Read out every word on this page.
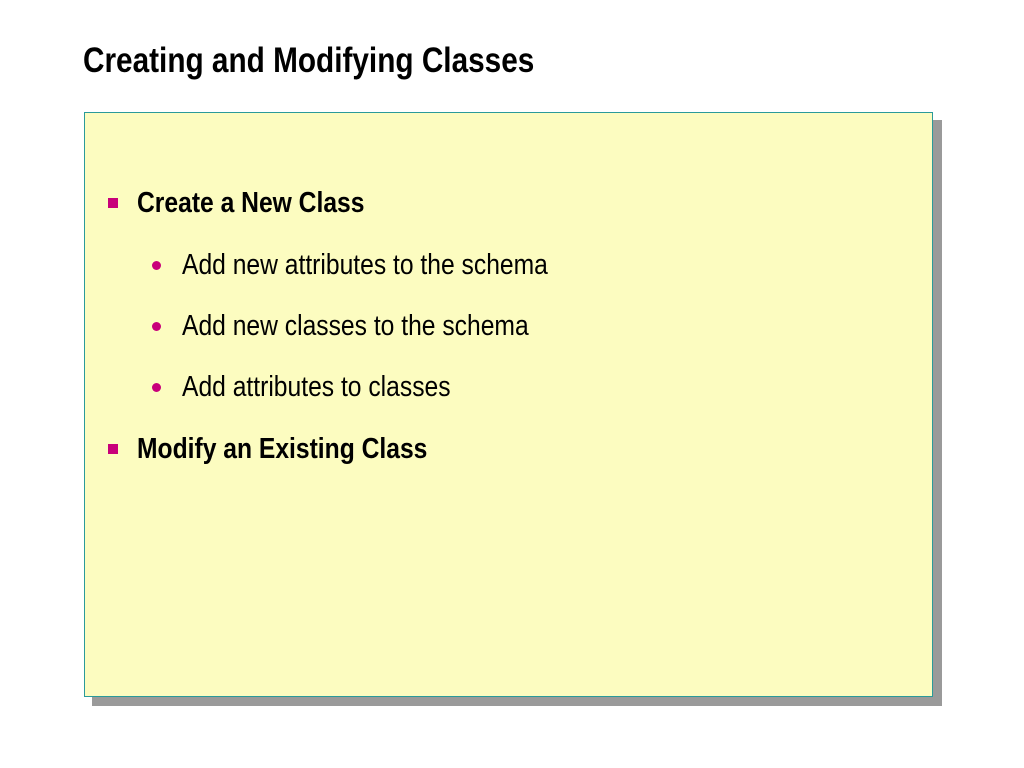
Creating and Modifying Classes
Create a New Class
Add new attributes to the schema
Add new classes to the schema
Add attributes to classes
Modify an Existing Class
